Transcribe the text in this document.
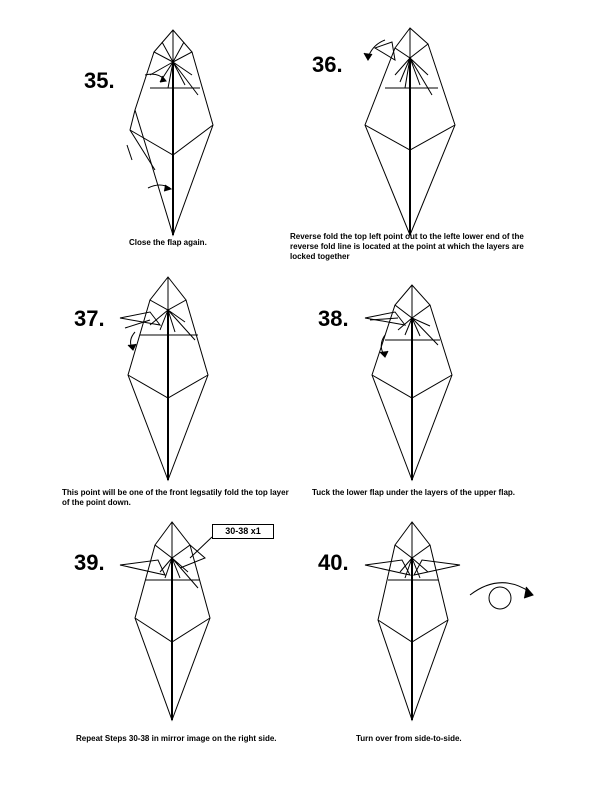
35.
36.
37.	38.
39.	40.
Close the flap again.
Reverse fold the top left point out to the lefte lower end of the reverse fold line is located at the point at which the layers are locked together
This point will be one of the front legsatily fold the top layer of the point down.
Tuck the lower flap under the layers of the upper flap.
Repeat Steps 30-38 in mirror image on the right side.	Turn over from side-to-side.
30-38 x1
